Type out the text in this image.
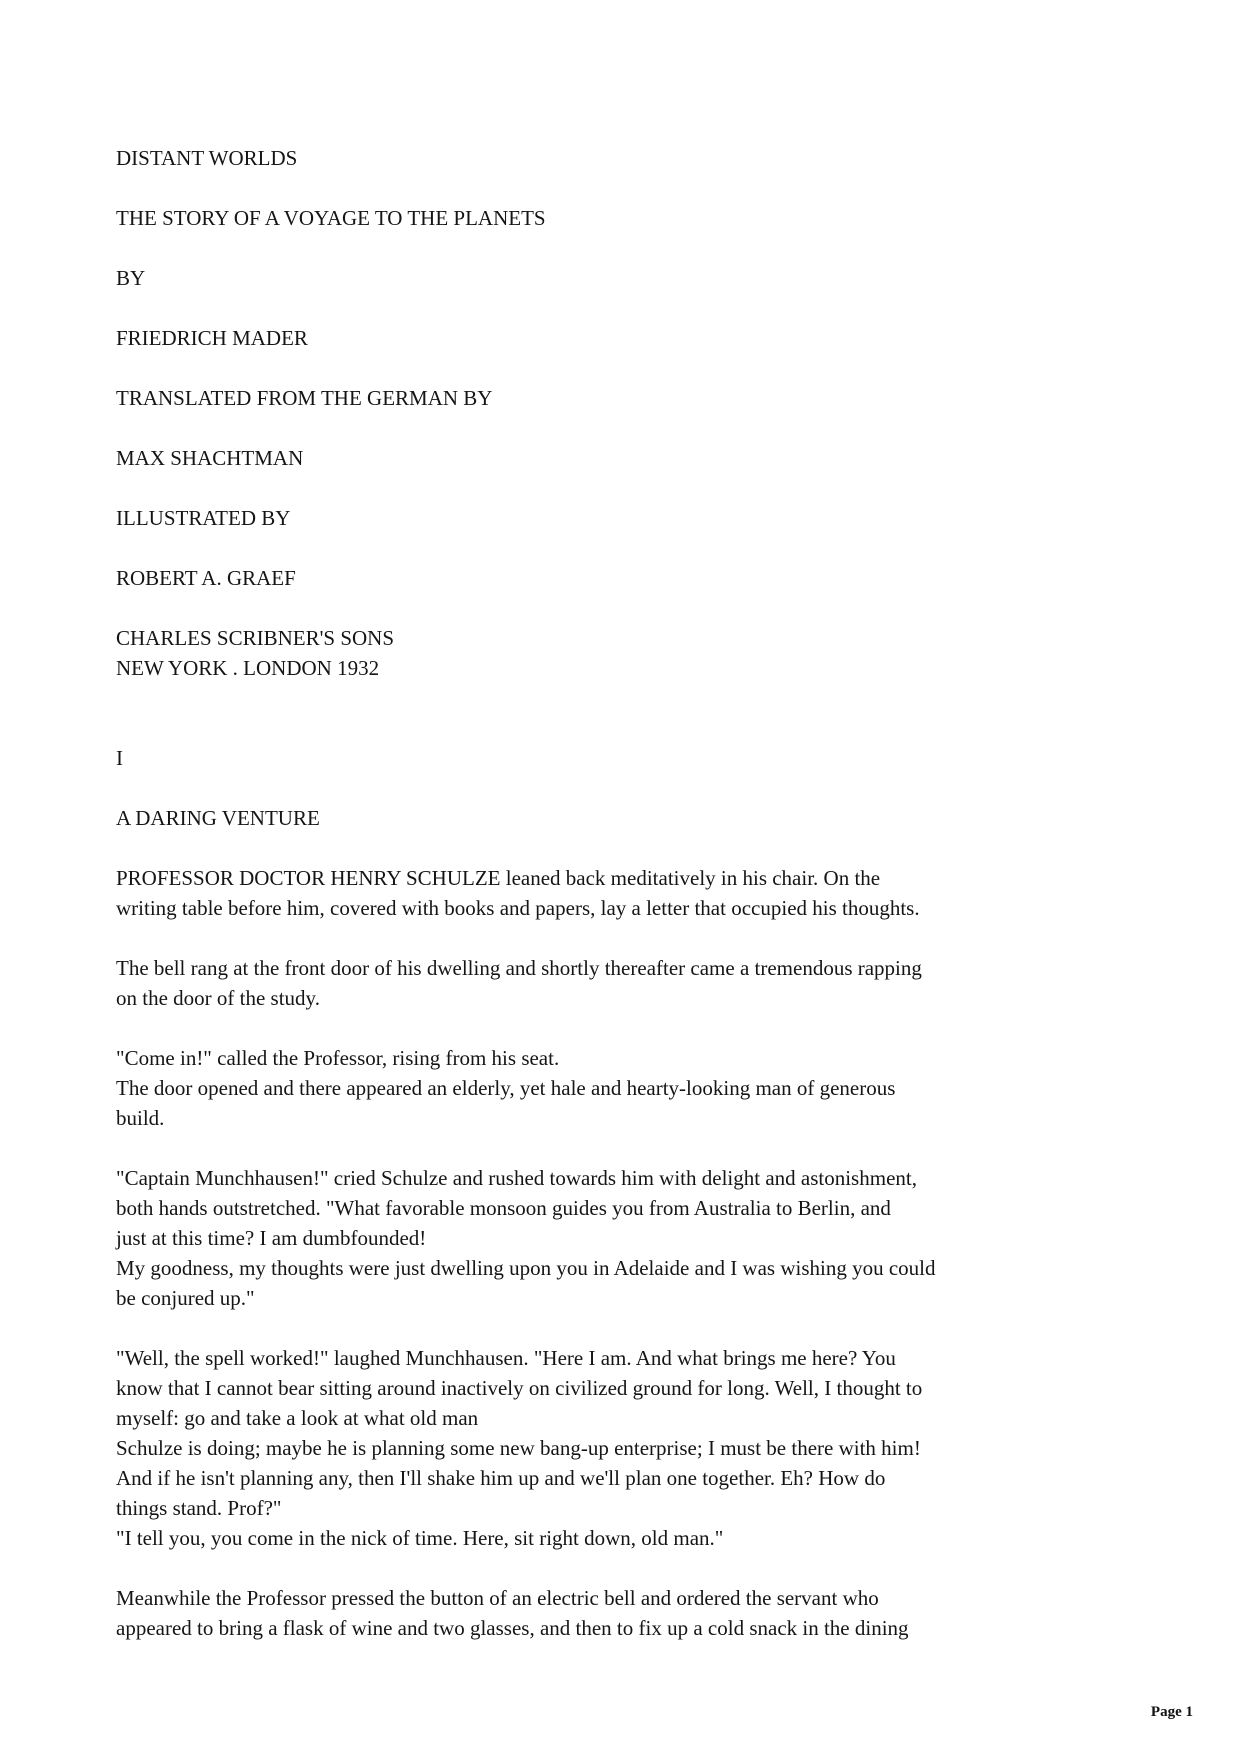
DISTANT WORLDS

THE STORY OF A VOYAGE TO THE PLANETS

BY

FRIEDRICH MADER

TRANSLATED FROM THE GERMAN BY

MAX SHACHTMAN

ILLUSTRATED BY

ROBERT A. GRAEF

CHARLES SCRIBNER'S SONS
NEW YORK . LONDON 1932

I

A DARING VENTURE

PROFESSOR DOCTOR HENRY SCHULZE leaned back meditatively in his chair. On the
writing table before him, covered with books and papers, lay a letter that occupied his thoughts.
The bell rang at the front door of his dwelling and shortly thereafter came a tremendous rapping
on the door of the study.
"Come in!" called the Professor, rising from his seat.
The door opened and there appeared an elderly, yet hale and hearty-looking man of generous
build.
"Captain Munchhausen!" cried Schulze and rushed towards him with delight and astonishment,
both hands outstretched. "What favorable monsoon guides you from Australia to Berlin, and
just at this time? I am dumbfounded!
My goodness, my thoughts were just dwelling upon you in Adelaide and I was wishing you could
be conjured up."
"Well, the spell worked!" laughed Munchhausen. "Here I am. And what brings me here? You
know that I cannot bear sitting around inactively on civilized ground for long. Well, I thought to
myself: go and take a look at what old man
Schulze is doing; maybe he is planning some new bang-up enterprise; I must be there with him!
And if he isn't planning any, then I'll shake him up and we'll plan one together. Eh? How do
things stand. Prof?"
"I tell you, you come in the nick of time. Here, sit right down, old man."
Meanwhile the Professor pressed the button of an electric bell and ordered the servant who
appeared to bring a flask of wine and two glasses, and then to fix up a cold snack in the dining
Page 1
